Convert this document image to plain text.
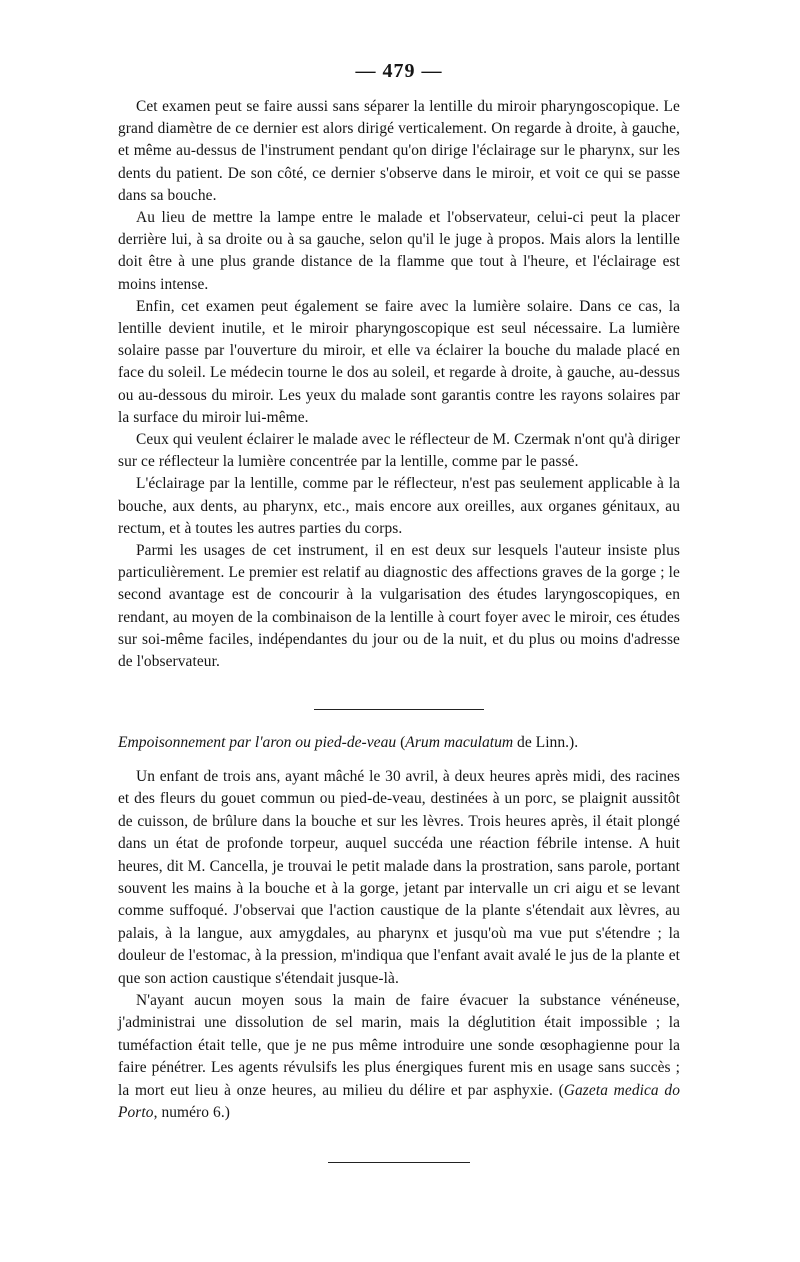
— 479 —

Cet examen peut se faire aussi sans séparer la lentille du miroir pharyngoscopique. Le grand diamètre de ce dernier est alors dirigé verticalement. On regarde à droite, à gauche, et même au-dessus de l'instrument pendant qu'on dirige l'éclairage sur le pharynx, sur les dents du patient. De son côté, ce dernier s'observe dans le miroir, et voit ce qui se passe dans sa bouche.

Au lieu de mettre la lampe entre le malade et l'observateur, celui-ci peut la placer derrière lui, à sa droite ou à sa gauche, selon qu'il le juge à propos. Mais alors la lentille doit être à une plus grande distance de la flamme que tout à l'heure, et l'éclairage est moins intense.

Enfin, cet examen peut également se faire avec la lumière solaire. Dans ce cas, la lentille devient inutile, et le miroir pharyngoscopique est seul nécessaire. La lumière solaire passe par l'ouverture du miroir, et elle va éclairer la bouche du malade placé en face du soleil. Le médecin tourne le dos au soleil, et regarde à droite, à gauche, au-dessus ou au-dessous du miroir. Les yeux du malade sont garantis contre les rayons solaires par la surface du miroir lui-même.

Ceux qui veulent éclairer le malade avec le réflecteur de M. Czermak n'ont qu'à diriger sur ce réflecteur la lumière concentrée par la lentille, comme par le passé.

L'éclairage par la lentille, comme par le réflecteur, n'est pas seulement applicable à la bouche, aux dents, au pharynx, etc., mais encore aux oreilles, aux organes génitaux, au rectum, et à toutes les autres parties du corps.

Parmi les usages de cet instrument, il en est deux sur lesquels l'auteur insiste plus particulièrement. Le premier est relatif au diagnostic des affections graves de la gorge ; le second avantage est de concourir à la vulgarisation des études laryngoscopiques, en rendant, au moyen de la combinaison de la lentille à court foyer avec le miroir, ces études sur soi-même faciles, indépendantes du jour ou de la nuit, et du plus ou moins d'adresse de l'observateur.

Empoisonnement par l'aron ou pied-de-veau (Arum maculatum de Linn.).

Un enfant de trois ans, ayant mâché le 30 avril, à deux heures après midi, des racines et des fleurs du gouet commun ou pied-de-veau, destinées à un porc, se plaignit aussitôt de cuisson, de brûlure dans la bouche et sur les lèvres. Trois heures après, il était plongé dans un état de profonde torpeur, auquel succéda une réaction fébrile intense. A huit heures, dit M. Cancella, je trouvai le petit malade dans la prostration, sans parole, portant souvent les mains à la bouche et à la gorge, jetant par intervalle un cri aigu et se levant comme suffoqué. J'observai que l'action caustique de la plante s'étendait aux lèvres, au palais, à la langue, aux amygdales, au pharynx et jusqu'où ma vue put s'étendre ; la douleur de l'estomac, à la pression, m'indiqua que l'enfant avait avalé le jus de la plante et que son action caustique s'étendait jusque-là.

N'ayant aucun moyen sous la main de faire évacuer la substance vénéneuse, j'administrai une dissolution de sel marin, mais la déglutition était impossible ; la tuméfaction était telle, que je ne pus même introduire une sonde œsophagienne pour la faire pénétrer. Les agents révulsifs les plus énergiques furent mis en usage sans succès ; la mort eut lieu à onze heures, au milieu du délire et par asphyxie. (Gazeta medica do Porto, numéro 6.)
